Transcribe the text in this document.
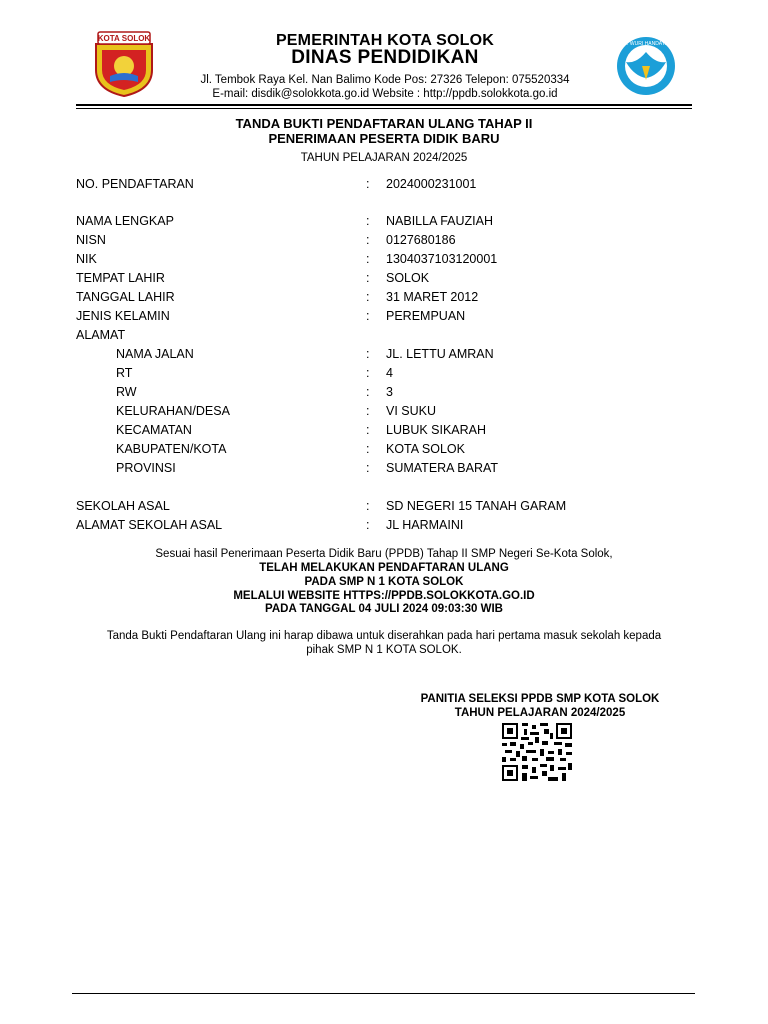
KOTA SOLOK
TUT WURI HANDAYANI
PEMERINTAH KOTA SOLOK
DINAS PENDIDIKAN
Jl. Tembok Raya Kel. Nan Balimo Kode Pos: 27326 Telepon: 075520334
E-mail: disdik@solokkota.go.id Website : http://ppdb.solokkota.go.id
TANDA BUKTI PENDAFTARAN ULANG TAHAP II
PENERIMAAN PESERTA DIDIK BARU
TAHUN PELAJARAN 2024/2025
NO. PENDAFTARAN	: 2024000231001
NAMA LENGKAP	: NABILLA FAUZIAH
NISN	: 0127680186
NIK	: 1304037103120001
TEMPAT LAHIR	: SOLOK
TANGGAL LAHIR	: 31 MARET 2012
JENIS KELAMIN	: PEREMPUAN
ALAMAT
NAMA JALAN	: JL. LETTU AMRAN
RT	: 4
RW	: 3
KELURAHAN/DESA	: VI SUKU
KECAMATAN	: LUBUK SIKARAH
KABUPATEN/KOTA	: KOTA SOLOK
PROVINSI	: SUMATERA BARAT
SEKOLAH ASAL	: SD NEGERI 15 TANAH GARAM
ALAMAT SEKOLAH ASAL	: JL HARMAINI
Sesuai hasil Penerimaan Peserta Didik Baru (PPDB) Tahap II SMP Negeri Se-Kota Solok,
TELAH MELAKUKAN PENDAFTARAN ULANG
PADA SMP N 1 KOTA SOLOK
MELALUI WEBSITE HTTPS://PPDB.SOLOKKOTA.GO.ID
PADA TANGGAL 04 JULI 2024 09:03:30 WIB
Tanda Bukti Pendaftaran Ulang ini harap dibawa untuk diserahkan pada hari pertama masuk sekolah kepada
pihak SMP N 1 KOTA SOLOK.
PANITIA SELEKSI PPDB SMP KOTA SOLOK
TAHUN PELAJARAN 2024/2025
